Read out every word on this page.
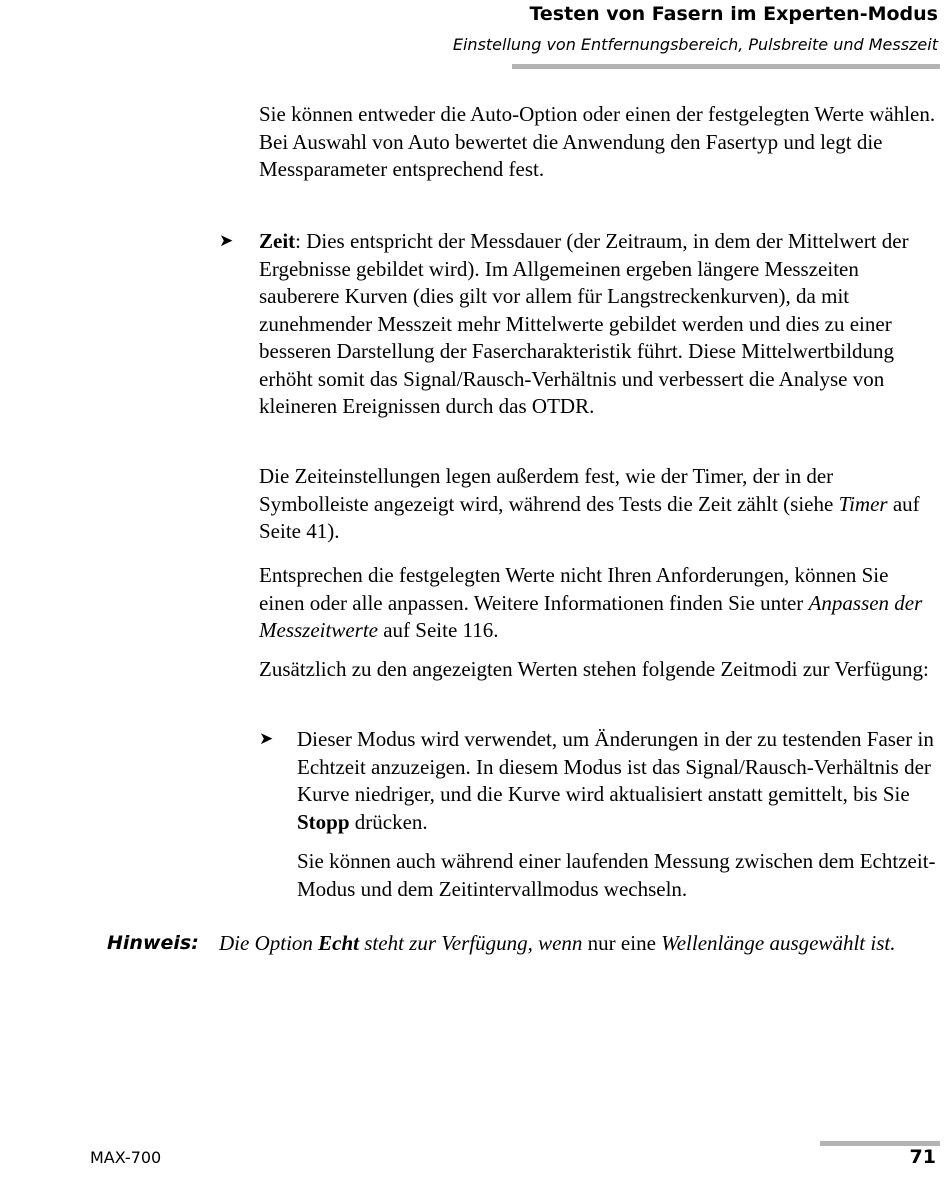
Testen von Fasern im Experten-Modus
Einstellung von Entfernungsbereich, Pulsbreite und Messzeit

Sie können entweder die Auto-Option oder einen der festgelegten Werte wählen.

Bei Auswahl von Auto bewertet die Anwendung den Fasertyp und legt die Messparameter entsprechend fest.

➤ Zeit: Dies entspricht der Messdauer (der Zeitraum, in dem der Mittelwert der Ergebnisse gebildet wird). Im Allgemeinen ergeben längere Messzeiten sauberere Kurven (dies gilt vor allem für Langstreckenkurven), da mit zunehmender Messzeit mehr Mittelwerte gebildet werden und dies zu einer besseren Darstellung der Fasercharakteristik führt. Diese Mittelwertbildung erhöht somit das Signal/Rausch-Verhältnis und verbessert die Analyse von kleineren Ereignissen durch das OTDR.

Die Zeiteinstellungen legen außerdem fest, wie der Timer, der in der Symbolleiste angezeigt wird, während des Tests die Zeit zählt (siehe Timer auf Seite 41).

Entsprechen die festgelegten Werte nicht Ihren Anforderungen, können Sie einen oder alle anpassen. Weitere Informationen finden Sie unter Anpassen der Messzeitwerte auf Seite 116.

Zusätzlich zu den angezeigten Werten stehen folgende Zeitmodi zur Verfügung:

➤ Dieser Modus wird verwendet, um Änderungen in der zu testenden Faser in Echtzeit anzuzeigen. In diesem Modus ist das Signal/Rausch-Verhältnis der Kurve niedriger, und die Kurve wird aktualisiert anstatt gemittelt, bis Sie Stopp drücken.

Sie können auch während einer laufenden Messung zwischen dem Echtzeit-Modus und dem Zeitintervallmodus wechseln.

Hinweis: Die Option Echt steht zur Verfügung, wenn nur eine Wellenlänge ausgewählt ist.
MAX-700	71
